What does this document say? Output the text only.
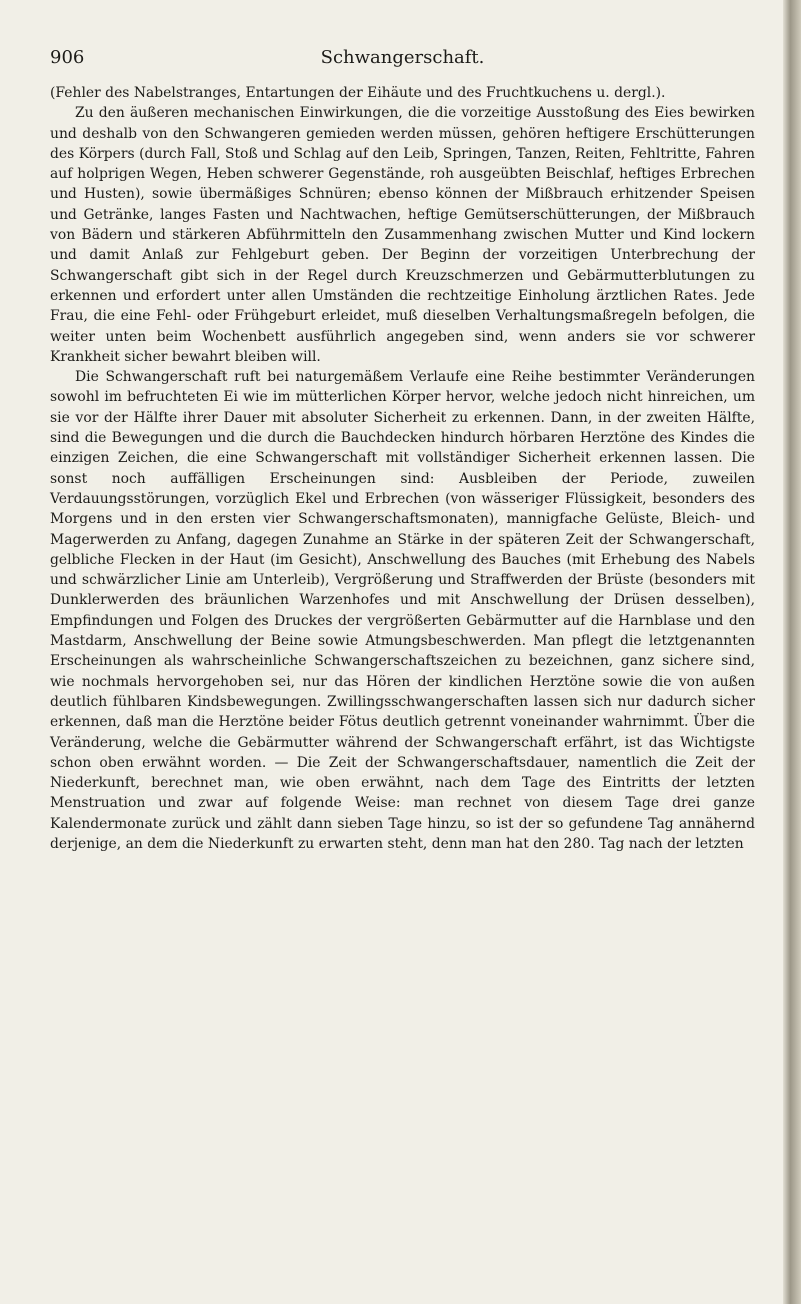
906	Schwangerschaft.

(Fehler des Nabelstranges, Entartungen der Eihäute und des Fruchtkuchens u. dergl.).

Zu den äußeren mechanischen Einwirkungen, die die vorzeitige Ausstoßung des Eies bewirken und deshalb von den Schwangeren gemieden werden müssen, gehören heftigere Erschütterungen des Körpers (durch Fall, Stoß und Schlag auf den Leib, Springen, Tanzen, Reiten, Fehltritte, Fahren auf holprigen Wegen, Heben schwerer Gegenstände, roh ausgeübten Beischlaf, heftiges Erbrechen und Husten), sowie übermäßiges Schnüren; ebenso können der Mißbrauch erhitzender Speisen und Getränke, langes Fasten und Nachtwachen, heftige Gemütserschütterungen, der Mißbrauch von Bädern und stärkeren Abführmitteln den Zusammenhang zwischen Mutter und Kind lockern und damit Anlaß zur Fehlgeburt geben. Der Beginn der vorzeitigen Unterbrechung der Schwangerschaft gibt sich in der Regel durch Kreuzschmerzen und Gebärmutterblutungen zu erkennen und erfordert unter allen Umständen die rechtzeitige Einholung ärztlichen Rates. Jede Frau, die eine Fehl- oder Frühgeburt erleidet, muß dieselben Verhaltungsmaßregeln befolgen, die weiter unten beim Wochenbett ausführlich angegeben sind, wenn anders sie vor schwerer Krankheit sicher bewahrt bleiben will.

Die Schwangerschaft ruft bei naturgemäßem Verlaufe eine Reihe bestimmter Veränderungen sowohl im befruchteten Ei wie im mütterlichen Körper hervor, welche jedoch nicht hinreichen, um sie vor der Hälfte ihrer Dauer mit absoluter Sicherheit zu erkennen. Dann, in der zweiten Hälfte, sind die Bewegungen und die durch die Bauchdecken hindurch hörbaren Herztöne des Kindes die einzigen Zeichen, die eine Schwangerschaft mit vollständiger Sicherheit erkennen lassen. Die sonst noch auffälligen Erscheinungen sind: Ausbleiben der Periode, zuweilen Verdauungsstörungen, vorzüglich Ekel und Erbrechen (von wässeriger Flüssigkeit, besonders des Morgens und in den ersten vier Schwangerschaftsmonaten), mannigfache Gelüste, Bleich- und Magerwerden zu Anfang, dagegen Zunahme an Stärke in der späteren Zeit der Schwangerschaft, gelbliche Flecken in der Haut (im Gesicht), Anschwellung des Bauches (mit Erhebung des Nabels und schwärzlicher Linie am Unterleib), Vergrößerung und Straffwerden der Brüste (besonders mit Dunklerwerden des bräunlichen Warzenhofes und mit Anschwellung der Drüsen desselben), Empfindungen und Folgen des Druckes der vergrößerten Gebärmutter auf die Harnblase und den Mastdarm, Anschwellung der Beine sowie Atmungsbeschwerden. Man pflegt die letztgenannten Erscheinungen als wahrscheinliche Schwangerschaftszeichen zu bezeichnen, ganz sichere sind, wie nochmals hervorgehoben sei, nur das Hören der kindlichen Herztöne sowie die von außen deutlich fühlbaren Kindsbewegungen. Zwillingsschwangerschaften lassen sich nur dadurch sicher erkennen, daß man die Herztöne beider Fötus deutlich getrennt voneinander wahrnimmt. Über die Veränderung, welche die Gebärmutter während der Schwangerschaft erfährt, ist das Wichtigste schon oben erwähnt worden. — Die Zeit der Schwangerschaftsdauer, namentlich die Zeit der Niederkunft, berechnet man, wie oben erwähnt, nach dem Tage des Eintritts der letzten Menstruation und zwar auf folgende Weise: man rechnet von diesem Tage drei ganze Kalendermonate zurück und zählt dann sieben Tage hinzu, so ist der so gefundene Tag annähernd derjenige, an dem die Niederkunft zu erwarten steht, denn man hat den 280. Tag nach der letzten
